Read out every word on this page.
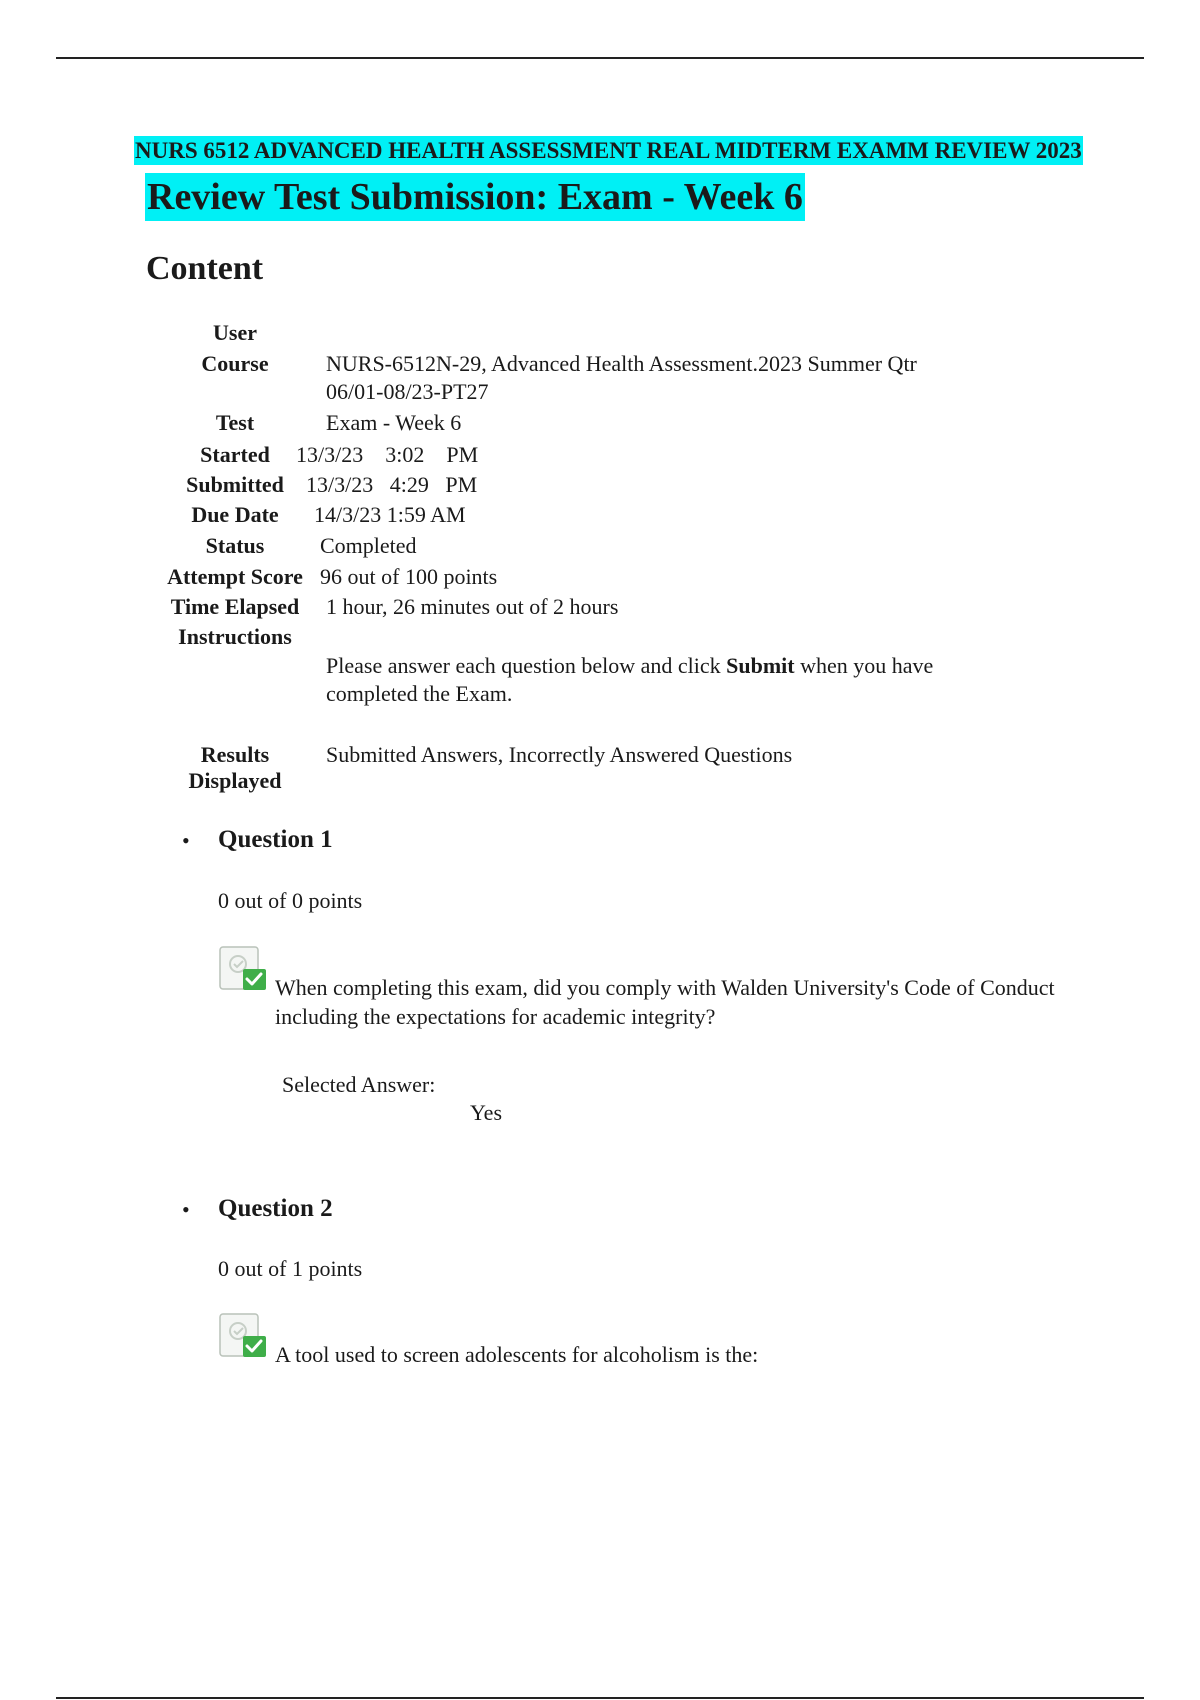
NURS 6512 ADVANCED HEALTH ASSESSMENT REAL MIDTERM EXAMM REVIEW 2023
Review Test Submission: Exam - Week 6
Content
User
Course	NURS-6512N-29, Advanced Health Assessment.2023 Summer Qtr
06/01-08/23-PT27
Test	Exam - Week 6
Started	13/3/23    3:02    PM
Submitted	13/3/23   4:29   PM
Due Date	14/3/23 1:59 AM
Status	Completed
Attempt Score 96 out of 100 points
Time Elapsed	1 hour, 26 minutes out of 2 hours
Instructions
Please answer each question below and click Submit when you have
completed the Exam.
Results
Displayed
Submitted Answers, Incorrectly Answered Questions
• Question 1
0 out of 0 points
When completing this exam, did you comply with Walden University's Code of Conduct
including the expectations for academic integrity?
Selected Answer:
Yes
• Question 2
0 out of 1 points
A tool used to screen adolescents for alcoholism is the:
